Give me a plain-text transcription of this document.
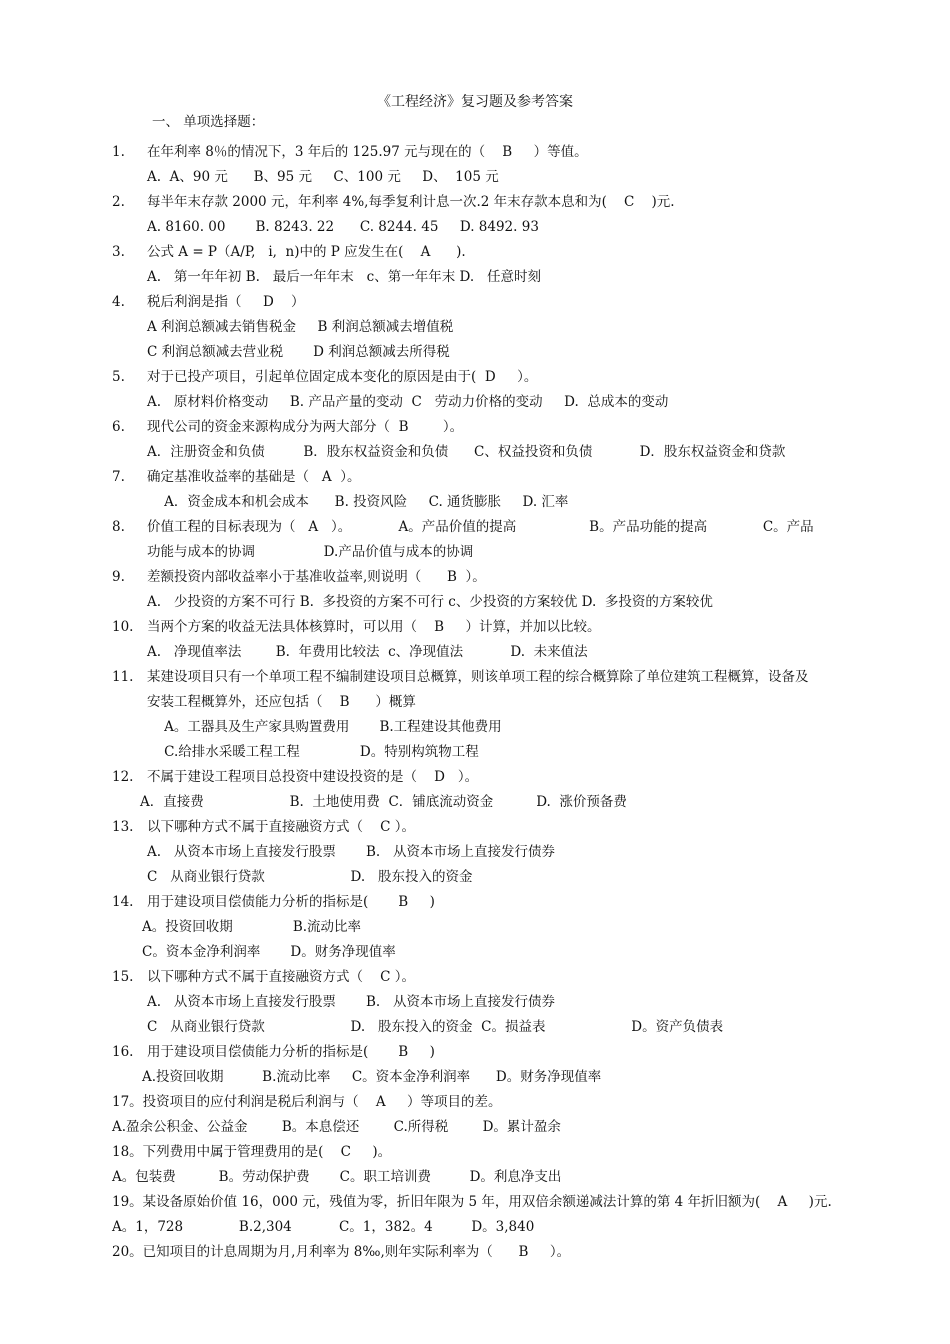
《工程经济》复习题及参考答案
一、 单项选择题：
1. 在年利率 8％的情况下，3 年后的 125.97 元与现在的（    B     ）等值。
A.  A、90 元      B、95 元     C、100 元     D、  105 元
2. 每半年末存款 2000 元，年利率 4%,每季复利计息一次.2 年末存款本息和为(    C    )元.
A. 8160. 00       B. 8243. 22      C. 8244. 45     D. 8492. 93
3. 公式 A = P（A/P,   i,  n)中的 P 应发生在(    A      ).
A.   第一年年初 B.   最后一年年末   c、第一年年末 D.   任意时刻
4. 税后利润是指（     D    ）
A 利润总额减去销售税金     B 利润总额减去增值税
C 利润总额减去营业税       D 利润总额减去所得税
5. 对于已投产项目，引起单位固定成本变化的原因是由于(  D     ）。
A.   原材料价格变动     B. 产品产量的变动  C   劳动力价格的变动     D.  总成本的变动
6. 现代公司的资金来源构成分为两大部分（  B        ）。
A．注册资金和负债         B．股东权益资金和负债      C、权益投资和负债           D．股东权益资金和贷款
7. 确定基准收益率的基础是（   A  ）。
A．资金成本和机会成本      B. 投资风险     C. 通货膨胀     D. 汇率
8. 价值工程的目标表现为（   A   ）。           A。产品价值的提高                 B。产品功能的提高             C。产品
功能与成本的协调                D.产品价值与成本的协调
9. 差额投资内部收益率小于基准收益率,则说明（      B  ）。
A.   少投资的方案不可行 B.  多投资的方案不可行 c、少投资的方案较优 D.  多投资的方案较优
10. 当两个方案的收益无法具体核算时，可以用（    B     ）计算，并加以比较。
A.   净现值率法        B.  年费用比较法  c、净现值法           D.  未来值法
11. 某建设项目只有一个单项工程不编制建设项目总概算，则该单项工程的综合概算除了单位建筑工程概算，设备及
安装工程概算外，还应包括（    B      ）概算
A。工器具及生产家具购置费用       B.工程建设其他费用
C.给排水采暖工程工程              D。特别构筑物工程
12. 不属于建设工程项目总投资中建设投资的是（    D   ）。
A．直接费                    B.  土地使用费  C．铺底流动资金          D.  涨价预备费
13. 以下哪种方式不属于直接融资方式（    C ）。
A.   从资本市场上直接发行股票       B.   从资本市场上直接发行债券
C   从商业银行贷款                    D.   股东投入的资金
14. 用于建设项目偿债能力分析的指标是(       B     )
A。投资回收期              B.流动比率
C。资本金净利润率       D。财务净现值率
15. 以下哪种方式不属于直接融资方式（    C ）。
A.   从资本市场上直接发行股票       B.   从资本市场上直接发行债券
C   从商业银行贷款                    D.   股东投入的资金  C。损益表                    D。资产负债表
16. 用于建设项目偿债能力分析的指标是(       B     )
A.投资回收期         B.流动比率     C。资本金净利润率      D。财务净现值率
17。投资项目的应付利润是税后利润与（    A     ）等项目的差。
A.盈余公积金、公益金        B。本息偿还        C.所得税        D。累计盈余
18。下列费用中属于管理费用的是(    C     )。
A。包装费          B。劳动保护费       C。职工培训费         D。利息净支出
19。某设备原始价值 16，000 元，残值为零，折旧年限为 5 年，用双倍余额递减法计算的第 4 年折旧额为(    A     )元.
A。1，728             B.2,304           C。1，382。4         D。3,840
20。已知项目的计息周期为月,月利率为 8‰,则年实际利率为（      B     ）。
